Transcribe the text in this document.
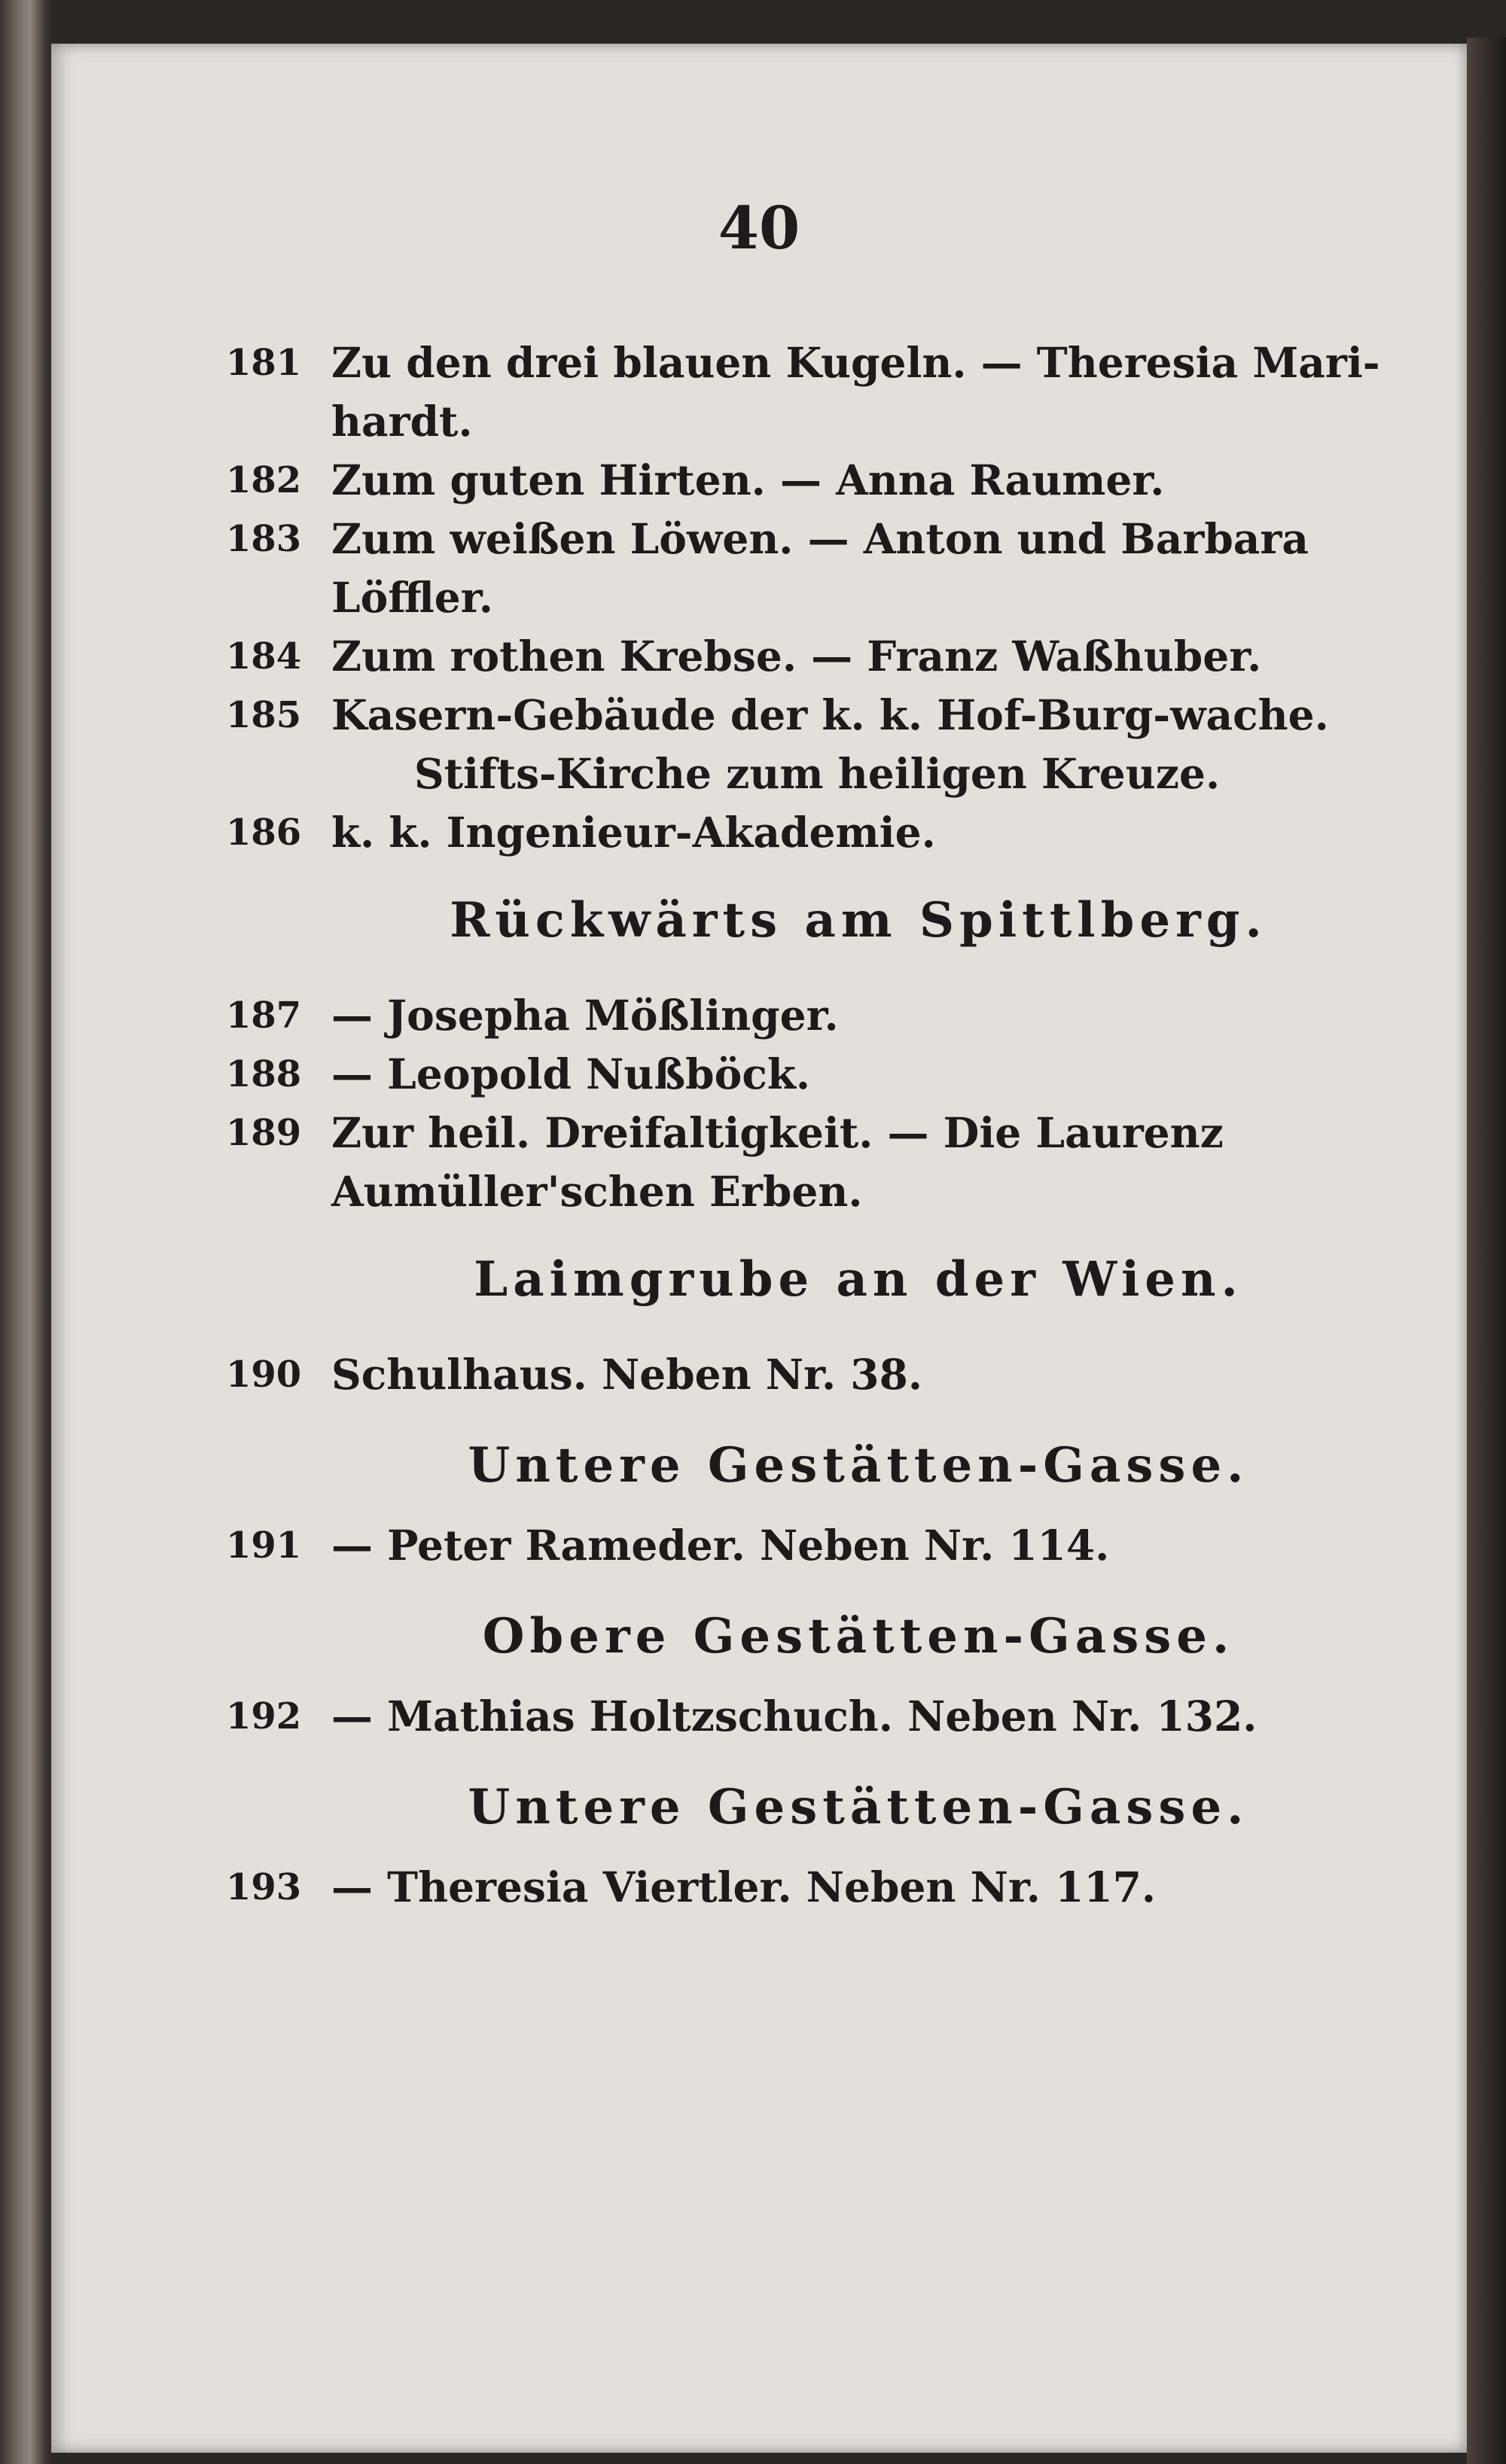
40
181 Zu den drei blauen Kugeln. — Theresia Mari-hardt.
182 Zum guten Hirten. — Anna Raumer.
183 Zum weißen Löwen. — Anton und Barbara Löffler.
184 Zum rothen Krebse. — Franz Waßhuber.
185 Kasern-Gebäude der k. k. Hof-Burg-wache.
Stifts-Kirche zum heiligen Kreuze.
186 k. k. Ingenieur-Akademie.
Rückwärts am Spittlberg.
187 — Josepha Mößlinger.
188 — Leopold Nußböck.
189 Zur heil. Dreifaltigkeit. — Die Laurenz Aumüller'schen Erben.
Laimgrube an der Wien.
190 Schulhaus. Neben Nr. 38.
Untere Gestätten-Gasse.
191 — Peter Rameder. Neben Nr. 114.
Obere Gestätten-Gasse.
192 — Mathias Holtzschuch. Neben Nr. 132.
Untere Gestätten-Gasse.
193 — Theresia Viertler. Neben Nr. 117.
